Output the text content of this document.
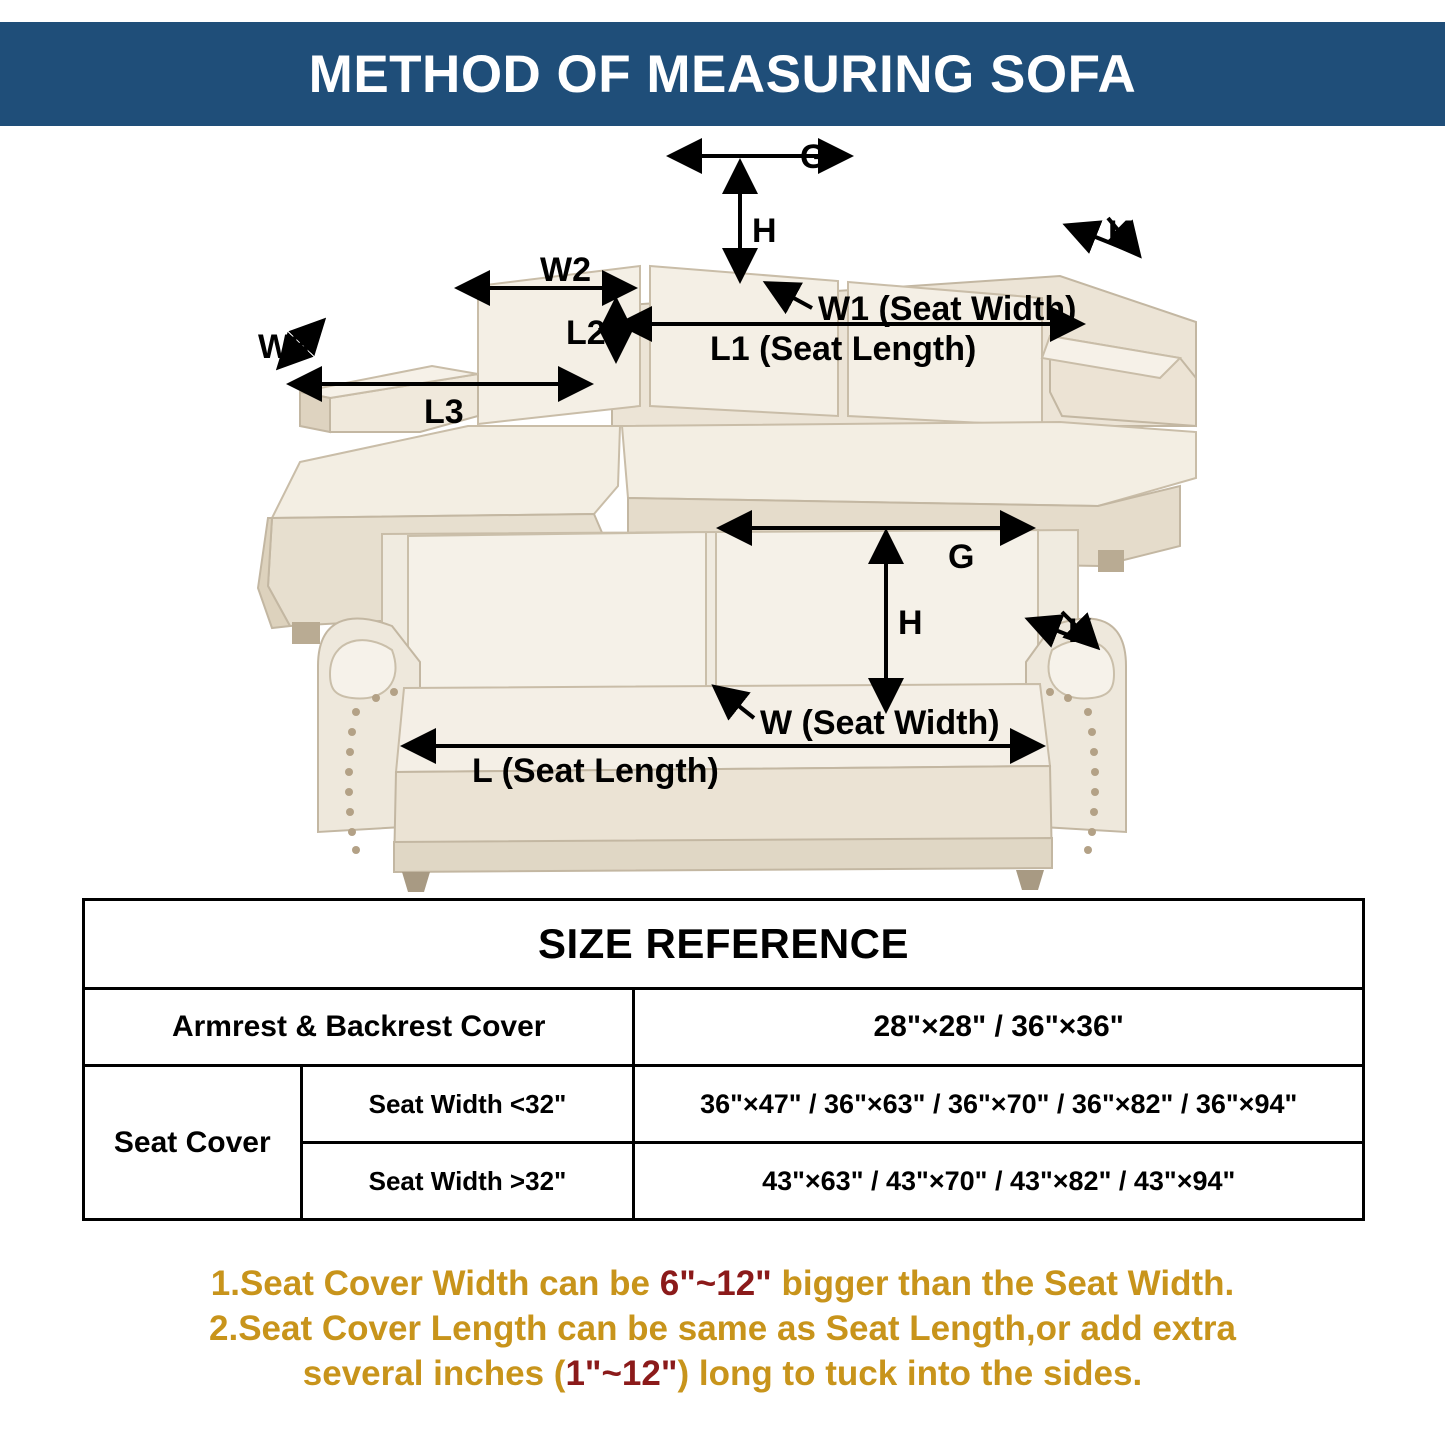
METHOD OF MEASURING SOFA
G
H	K
W1 (Seat Width)
L1 (Seat Length)
W2
L2
W3
L3
G
H	K
W (Seat Width)
L (Seat Length)
SIZE REFERENCE		
Armrest & Backrest Cover		28"×28" / 36"×36"
Seat Cover	Seat Width <32"	36"×47" / 36"×63" / 36"×70" / 36"×82" / 36"×94"
	Seat Width >32"	43"×63" / 43"×70" / 43"×82" / 43"×94"
1.Seat Cover Width can be 6"~12" bigger than the Seat Width.
2.Seat Cover Length can be same as Seat Length,or add extra
several inches (1"~12") long to tuck into the sides.
